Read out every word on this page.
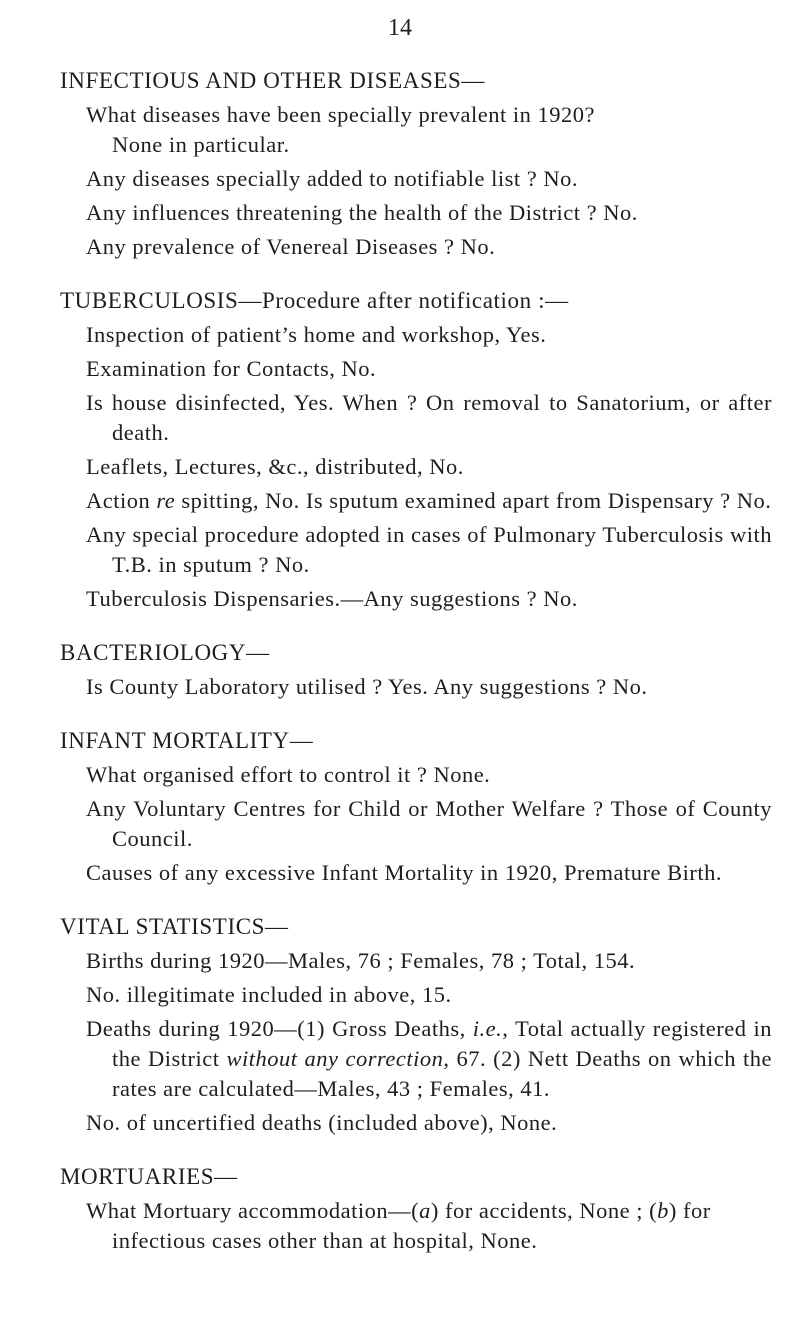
14
INFECTIOUS AND OTHER DISEASES—
What diseases have been specially prevalent in 1920?
None in particular.
Any diseases specially added to notifiable list ? No.
Any influences threatening the health of the District ? No.
Any prevalence of Venereal Diseases ? No.
TUBERCULOSIS—Procedure after notification :—
Inspection of patient’s home and workshop, Yes.
Examination for Contacts, No.
Is house disinfected, Yes. When ? On removal to Sanatorium, or after death.
Leaflets, Lectures, &c., distributed, No.
Action re spitting, No. Is sputum examined apart from Dispensary ? No.
Any special procedure adopted in cases of Pulmonary Tuberculosis with T.B. in sputum ? No.
Tuberculosis Dispensaries.—Any suggestions ? No.
BACTERIOLOGY—
Is County Laboratory utilised ? Yes. Any suggestions ? No.
INFANT MORTALITY—
What organised effort to control it ? None.
Any Voluntary Centres for Child or Mother Welfare ? Those of County Council.
Causes of any excessive Infant Mortality in 1920, Premature Birth.
VITAL STATISTICS—
Births during 1920—Males, 76 ; Females, 78 ; Total, 154.
No. illegitimate included in above, 15.
Deaths during 1920—(1) Gross Deaths, i.e., Total actually registered in the District without any correction, 67. (2) Nett Deaths on which the rates are calculated—Males, 43 ; Females, 41.
No. of uncertified deaths (included above), None.
MORTUARIES—
What Mortuary accommodation—(a) for accidents, None ; (b) for infectious cases other than at hospital, None.
